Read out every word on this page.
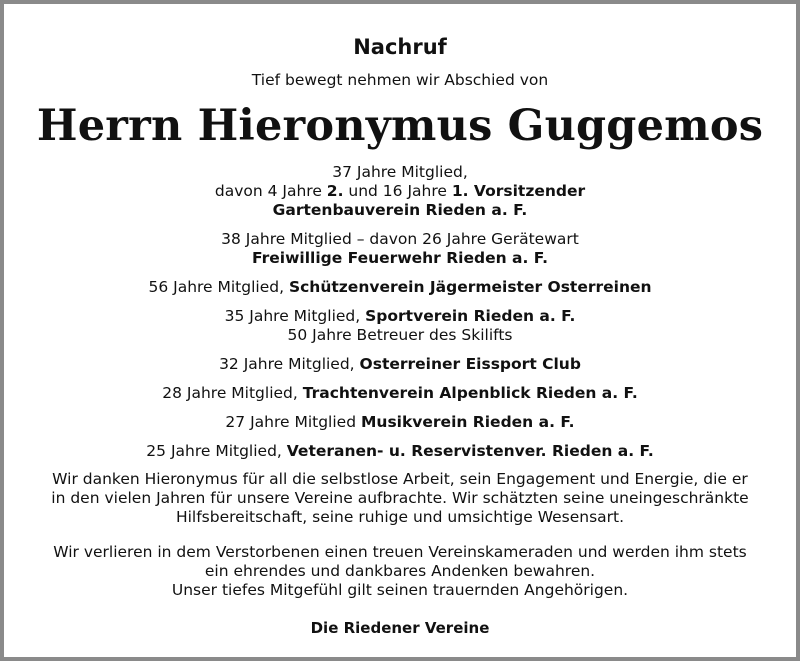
Nachruf
Tief bewegt nehmen wir Abschied von
Herrn Hieronymus Guggemos
37 Jahre Mitglied,
davon 4 Jahre 2. und 16 Jahre 1. Vorsitzender
Gartenbauverein Rieden a. F.
38 Jahre Mitglied – davon 26 Jahre Gerätewart
Freiwillige Feuerwehr Rieden a. F.
56 Jahre Mitglied, Schützenverein Jägermeister Osterreinen
35 Jahre Mitglied, Sportverein Rieden a. F.
50 Jahre Betreuer des Skilifts
32 Jahre Mitglied, Osterreiner Eissport Club
28 Jahre Mitglied, Trachtenverein Alpenblick Rieden a. F.
27 Jahre Mitglied Musikverein Rieden a. F.
25 Jahre Mitglied, Veteranen- u. Reservistenver. Rieden a. F.
Wir danken Hieronymus für all die selbstlose Arbeit, sein Engagement und Energie, die er
in den vielen Jahren für unsere Vereine aufbrachte. Wir schätzten seine uneingeschränkte
Hilfsbereitschaft, seine ruhige und umsichtige Wesensart.
Wir verlieren in dem Verstorbenen einen treuen Vereinskameraden und werden ihm stets
ein ehrendes und dankbares Andenken bewahren.
Unser tiefes Mitgefühl gilt seinen trauernden Angehörigen.
Die Riedener Vereine
